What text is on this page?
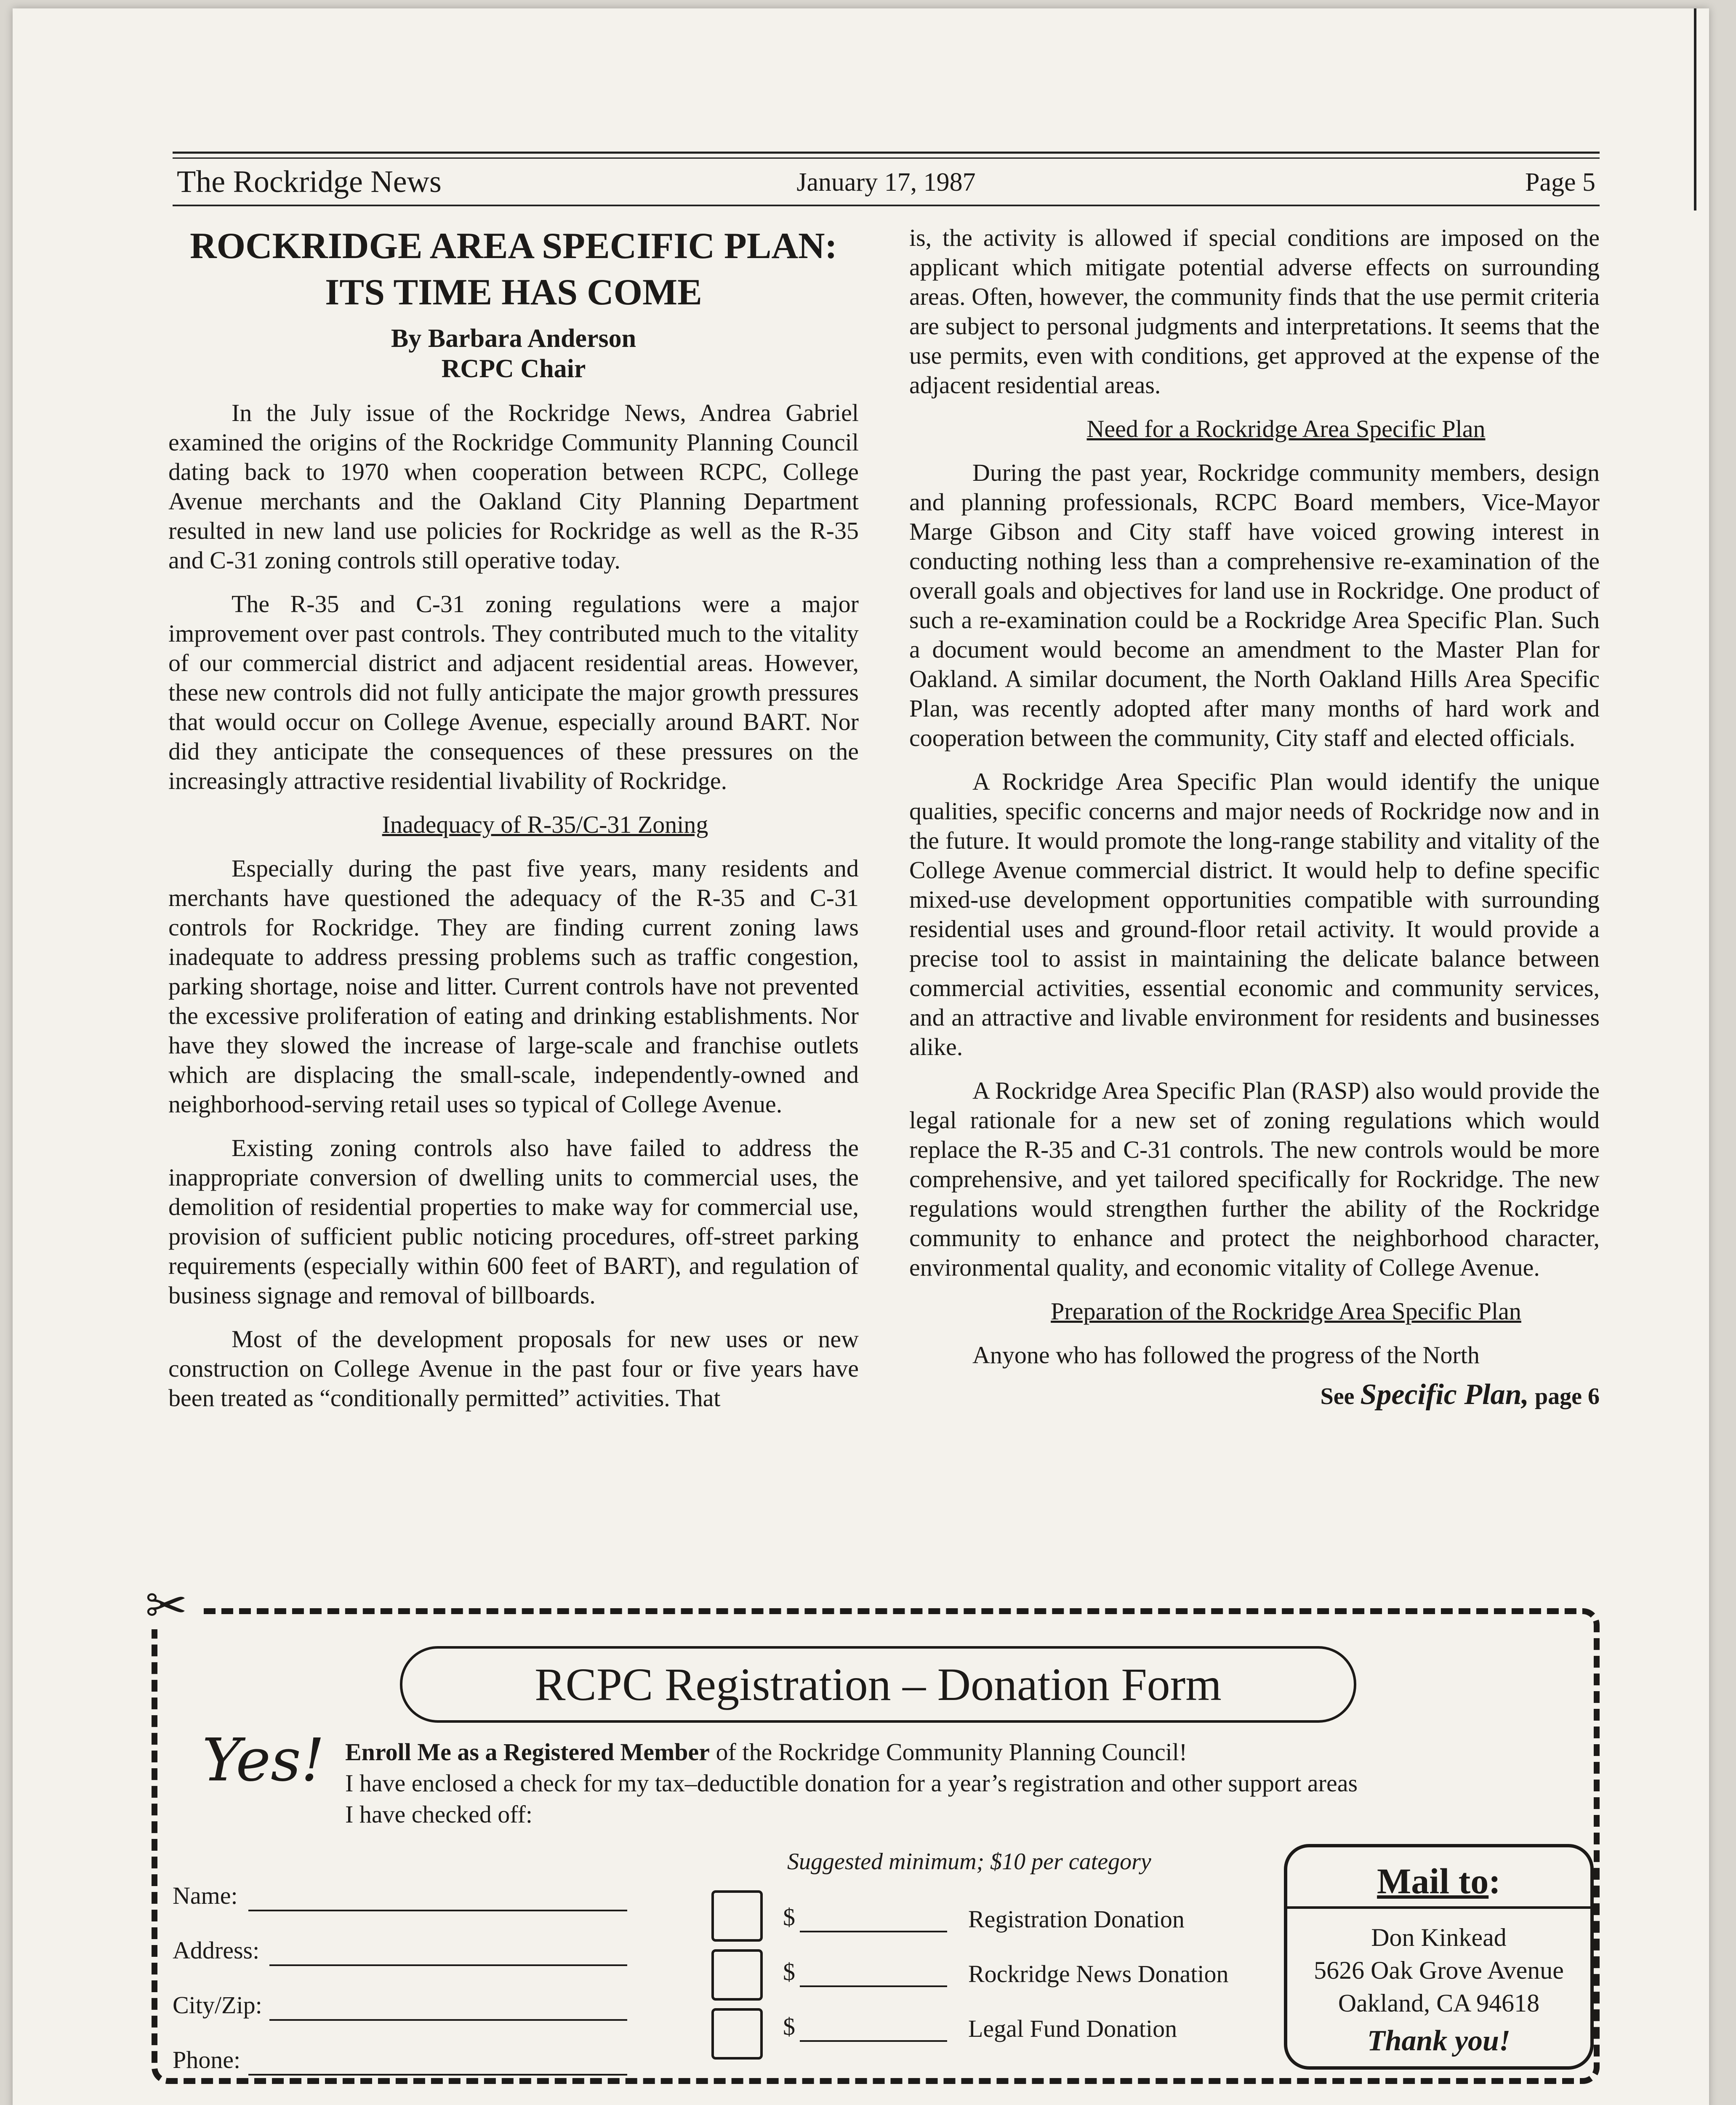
The Rockridge News	January 17, 1987	Page 5
ROCKRIDGE AREA SPECIFIC PLAN:
ITS TIME HAS COME
By Barbara Anderson
RCPC Chair

In the July issue of the Rockridge News, Andrea Gabriel examined the origins of the Rockridge Community Planning Council dating back to 1970 when cooperation between RCPC, College Avenue merchants and the Oakland City Planning Department resulted in new land use policies for Rockridge as well as the R-35 and C-31 zoning controls still operative today.

The R-35 and C-31 zoning regulations were a major improvement over past controls. They contributed much to the vitality of our commercial district and adjacent residential areas. However, these new controls did not fully anticipate the major growth pressures that would occur on College Avenue, especially around BART. Nor did they anticipate the consequences of these pressures on the increasingly attractive residential livability of Rockridge.

Inadequacy of R-35/C-31 Zoning

Especially during the past five years, many residents and merchants have questioned the adequacy of the R-35 and C-31 controls for Rockridge. They are finding current zoning laws inadequate to address pressing problems such as traffic congestion, parking shortage, noise and litter. Current controls have not prevented the excessive proliferation of eating and drinking establishments. Nor have they slowed the increase of large-scale and franchise outlets which are displacing the small-scale, independently-owned and neighborhood-serving retail uses so typical of College Avenue.

Existing zoning controls also have failed to address the inappropriate conversion of dwelling units to commercial uses, the demolition of residential properties to make way for commercial use, provision of sufficient public noticing procedures, off-street parking requirements (especially within 600 feet of BART), and regulation of business signage and removal of billboards.

Most of the development proposals for new uses or new construction on College Avenue in the past four or five years have been treated as “conditionally permitted” activities. That

is, the activity is allowed if special conditions are imposed on the applicant which mitigate potential adverse effects on surrounding areas. Often, however, the community finds that the use permit criteria are subject to personal judgments and interpretations. It seems that the use permits, even with conditions, get approved at the expense of the adjacent residential areas.

Need for a Rockridge Area Specific Plan

During the past year, Rockridge community members, design and planning professionals, RCPC Board members, Vice-Mayor Marge Gibson and City staff have voiced growing interest in conducting nothing less than a comprehensive re-examination of the overall goals and objectives for land use in Rockridge. One product of such a re-examination could be a Rockridge Area Specific Plan. Such a document would become an amendment to the Master Plan for Oakland. A similar document, the North Oakland Hills Area Specific Plan, was recently adopted after many months of hard work and cooperation between the community, City staff and elected officials.

A Rockridge Area Specific Plan would identify the unique qualities, specific concerns and major needs of Rockridge now and in the future. It would promote the long-range stability and vitality of the College Avenue commercial district. It would help to define specific mixed-use development opportunities compatible with surrounding residential uses and ground-floor retail activity. It would provide a precise tool to assist in maintaining the delicate balance between commercial activities, essential economic and community services, and an attractive and livable environment for residents and businesses alike.

A Rockridge Area Specific Plan (RASP) also would provide the legal rationale for a new set of zoning regulations which would replace the R-35 and C-31 controls. The new controls would be more comprehensive, and yet tailored specifically for Rockridge. The new regulations would strengthen further the ability of the Rockridge community to enhance and protect the neighborhood character, environmental quality, and economic vitality of College Avenue.

Preparation of the Rockridge Area Specific Plan

Anyone who has followed the progress of the North

See Specific Plan, page 6
✂
RCPC Registration – Donation Form
Yes! Enroll Me as a Registered Member of the Rockridge Community Planning Council!
I have enclosed a check for my tax–deductible donation for a year’s registration and other support areas
I have checked off:
Suggested minimum; $10 per category
Name:
Address:
City/Zip:
Phone:
$	Registration Donation
$	Rockridge News Donation
$	Legal Fund Donation
Mail to:
Don Kinkead
5626 Oak Grove Avenue
Oakland, CA 94618
Thank you!
